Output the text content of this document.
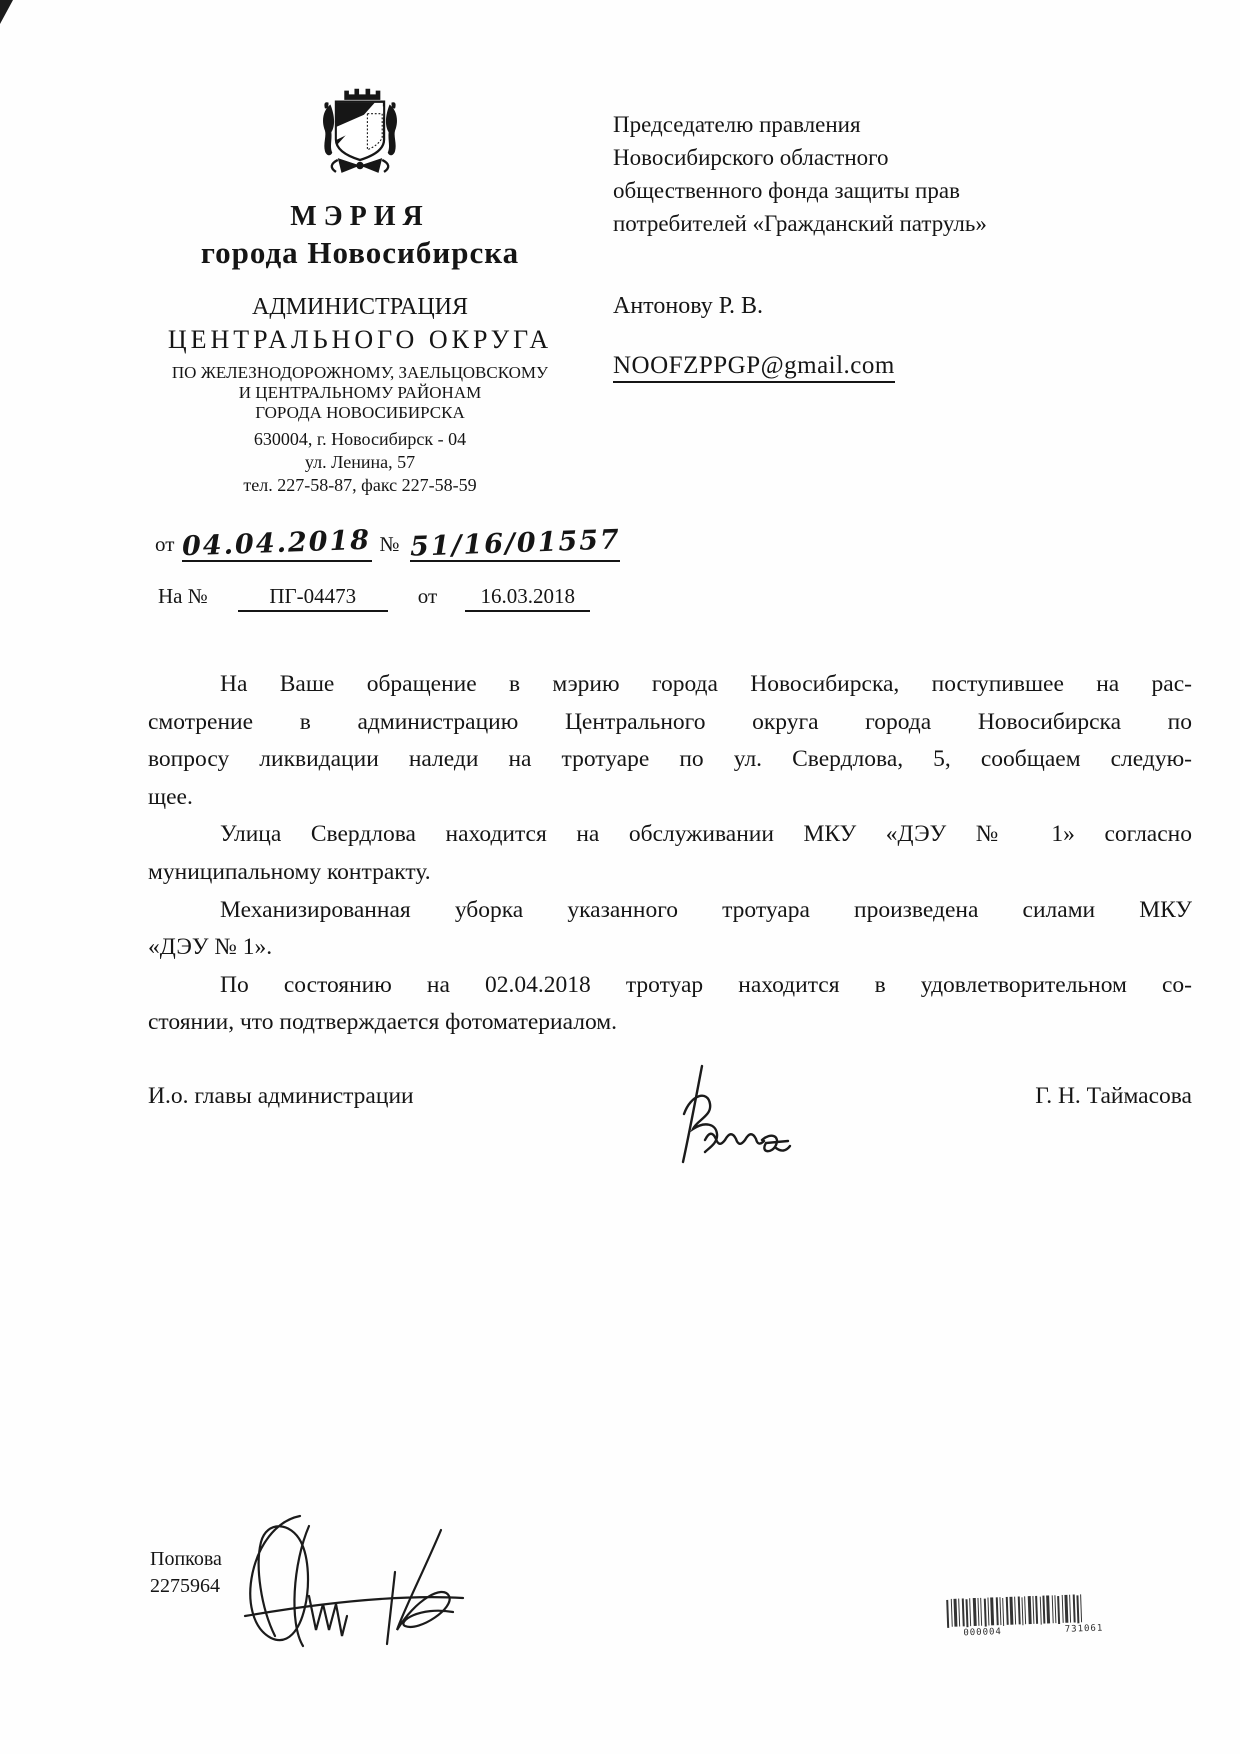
МЭРИЯ
города Новосибирска
АДМИНИСТРАЦИЯ
ЦЕНТРАЛЬНОГО ОКРУГА
ПО ЖЕЛЕЗНОДОРОЖНОМУ, ЗАЕЛЬЦОВСКОМУ
И ЦЕНТРАЛЬНОМУ РАЙОНАМ
ГОРОДА НОВОСИБИРСКА
630004, г. Новосибирск - 04
ул. Ленина, 57
тел. 227-58-87, факс 227-58-59
Председателю правления
Новосибирского областного
общественного фонда защиты прав
потребителей «Гражданский патруль»
Антонову Р. В.
NOOFZPPGP@gmail.com
от 04.04.2018 № 51/16/01557
На №	ПГ-04473	от 16.03.2018
На Ваше обращение в мэрию города Новосибирска, поступившее на рас-
смотрение в администрацию Центрального округа города Новосибирска по
вопросу ликвидации наледи на тротуаре по ул. Свердлова, 5, сообщаем следую-
щее.
Улица Свердлова находится на обслуживании МКУ «ДЭУ № 1» согласно
муниципальному контракту.
Механизированная уборка указанного тротуара произведена силами МКУ
«ДЭУ № 1».
По состоянию на 02.04.2018 тротуар находится в удовлетворительном со-
стоянии, что подтверждается фотоматериалом.
И.о. главы администрации	Г. Н. Таймасова
Попкова
2275964
000004	731061
